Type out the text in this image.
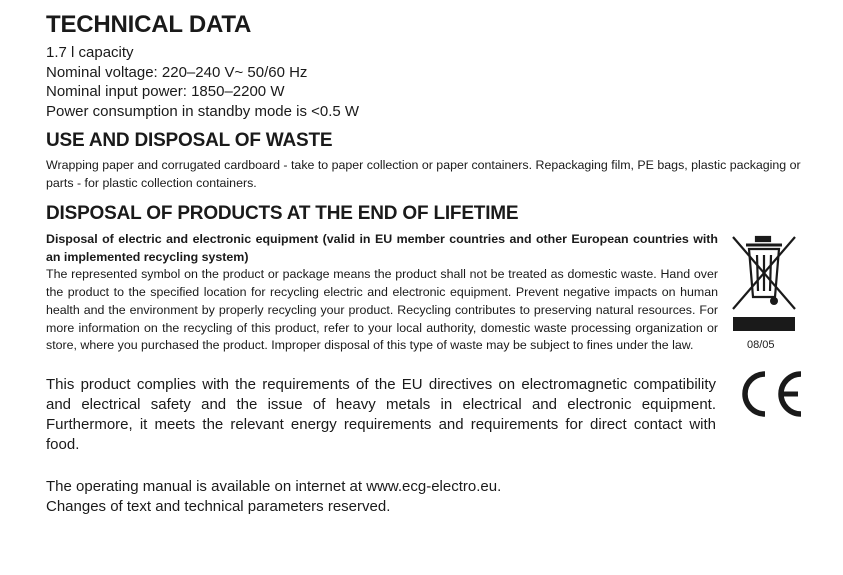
TECHNICAL DATA
1.7 l capacity
Nominal voltage: 220–240 V~ 50/60 Hz
Nominal input power: 1850–2200 W
Power consumption in standby mode is <0.5 W
USE AND DISPOSAL OF WASTE

Wrapping paper and corrugated cardboard - take to paper collection or paper containers. Repackaging film, PE bags, plastic packaging or parts - for plastic collection containers.

DISPOSAL OF PRODUCTS AT THE END OF LIFETIME
Disposal of electric and electronic equipment (valid in EU member countries and other European countries with an implemented recycling system)
The represented symbol on the product or package means the product shall not be treated as domestic waste. Hand over the product to the specified location for recycling electric and electronic equipment. Prevent negative impacts on human health and the environment by properly recycling your product. Recycling contributes to preserving natural resources. For more information on the recycling of this product, refer to your local authority, domestic waste processing organization or store, where you purchased the product. Improper disposal of this type of waste may be subject to fines under the law.	08/05
This product complies with the requirements of the EU directives on electromagnetic compatibility and electrical safety and the issue of heavy metals in electrical and electronic equipment. Furthermore, it meets the relevant energy requirements and requirements for direct contact with food.
The operating manual is available on internet at www.ecg-electro.eu.
Changes of text and technical parameters reserved.
